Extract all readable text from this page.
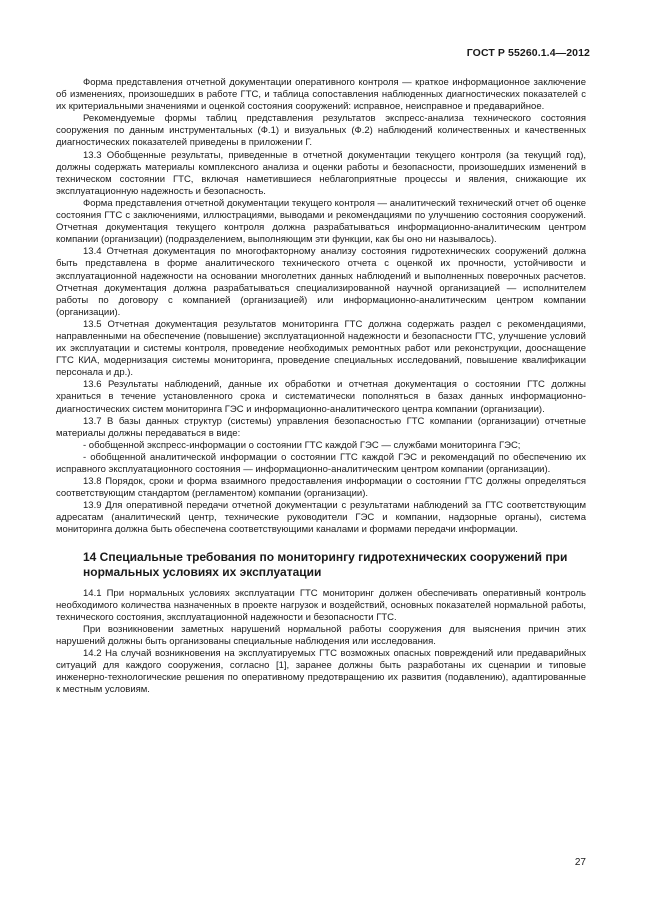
ГОСТ Р 55260.1.4—2012

Форма представления отчетной документации оперативного контроля — краткое информационное заключение об изменениях, произошедших в работе ГТС, и таблица сопоставления наблюденных диагностических показателей с их критериальными значениями и оценкой состояния сооружений: исправное, неисправное и предаварийное.

Рекомендуемые формы таблиц представления результатов экспресс-анализа технического состояния сооружения по данным инструментальных (Ф.1) и визуальных (Ф.2) наблюдений количественных и качественных диагностических показателей приведены в приложении Г.

13.3 Обобщенные результаты, приведенные в отчетной документации текущего контроля (за текущий год), должны содержать материалы комплексного анализа и оценки работы и безопасности, произошедших изменений в техническом состоянии ГТС, включая наметившиеся неблагоприятные процессы и явления, снижающие их эксплуатационную надежность и безопасность.

Форма представления отчетной документации текущего контроля — аналитический технический отчет об оценке состояния ГТС с заключениями, иллюстрациями, выводами и рекомендациями по улучшению состояния сооружений. Отчетная документация текущего контроля должна разрабатываться информационно-аналитическим центром компании (организации) (подразделением, выполняющим эти функции, как бы оно ни называлось).

13.4 Отчетная документация по многофакторному анализу состояния гидротехнических сооружений должна быть представлена в форме аналитического технического отчета с оценкой их прочности, устойчивости и эксплуатационной надежности на основании многолетних данных наблюдений и выполненных поверочных расчетов. Отчетная документация должна разрабатываться специализированной научной организацией — исполнителем работы по договору с компанией (организацией) или информационно-аналитическим центром компании (организации).

13.5 Отчетная документация результатов мониторинга ГТС должна содержать раздел с рекомендациями, направленными на обеспечение (повышение) эксплуатационной надежности и безопасности ГТС, улучшение условий их эксплуатации и системы контроля, проведение необходимых ремонтных работ или реконструкции, дооснащение ГТС КИА, модернизация системы мониторинга, проведение специальных исследований, повышение квалификации персонала и др.).

13.6 Результаты наблюдений, данные их обработки и отчетная документация о состоянии ГТС должны храниться в течение установленного срока и систематически пополняться в базах данных информационно-диагностических систем мониторинга ГЭС и информационно-аналитического центра компании (организации).

13.7 В базы данных структур (системы) управления безопасностью ГТС компании (организации) отчетные материалы должны передаваться в виде:

- обобщенной экспресс-информации о состоянии ГТС каждой ГЭС — службами мониторинга ГЭС;

- обобщенной аналитической информации о состоянии ГТС каждой ГЭС и рекомендаций по обеспечению их исправного эксплуатационного состояния — информационно-аналитическим центром компании (организации).

13.8 Порядок, сроки и форма взаимного предоставления информации о состоянии ГТС должны определяться соответствующим стандартом (регламентом) компании (организации).

13.9 Для оперативной передачи отчетной документации с результатами наблюдений за ГТС соответствующим адресатам (аналитический центр, технические руководители ГЭС и компании, надзорные органы), система мониторинга должна быть обеспечена соответствующими каналами и формами передачи информации.

14 Специальные требования по мониторингу гидротехнических сооружений при нормальных условиях их эксплуатации

14.1 При нормальных условиях эксплуатации ГТС мониторинг должен обеспечивать оперативный контроль необходимого количества назначенных в проекте нагрузок и воздействий, основных показателей нормальной работы, технического состояния, эксплуатационной надежности и безопасности ГТС.

При возникновении заметных нарушений нормальной работы сооружения для выяснения причин этих нарушений должны быть организованы специальные наблюдения или исследования.

14.2 На случай возникновения на эксплуатируемых ГТС возможных опасных повреждений или предаварийных ситуаций для каждого сооружения, согласно [1], заранее должны быть разработаны их сценарии и типовые инженерно-технологические решения по оперативному предотвращению их развития (подавлению), адаптированные к местным условиям.

27
